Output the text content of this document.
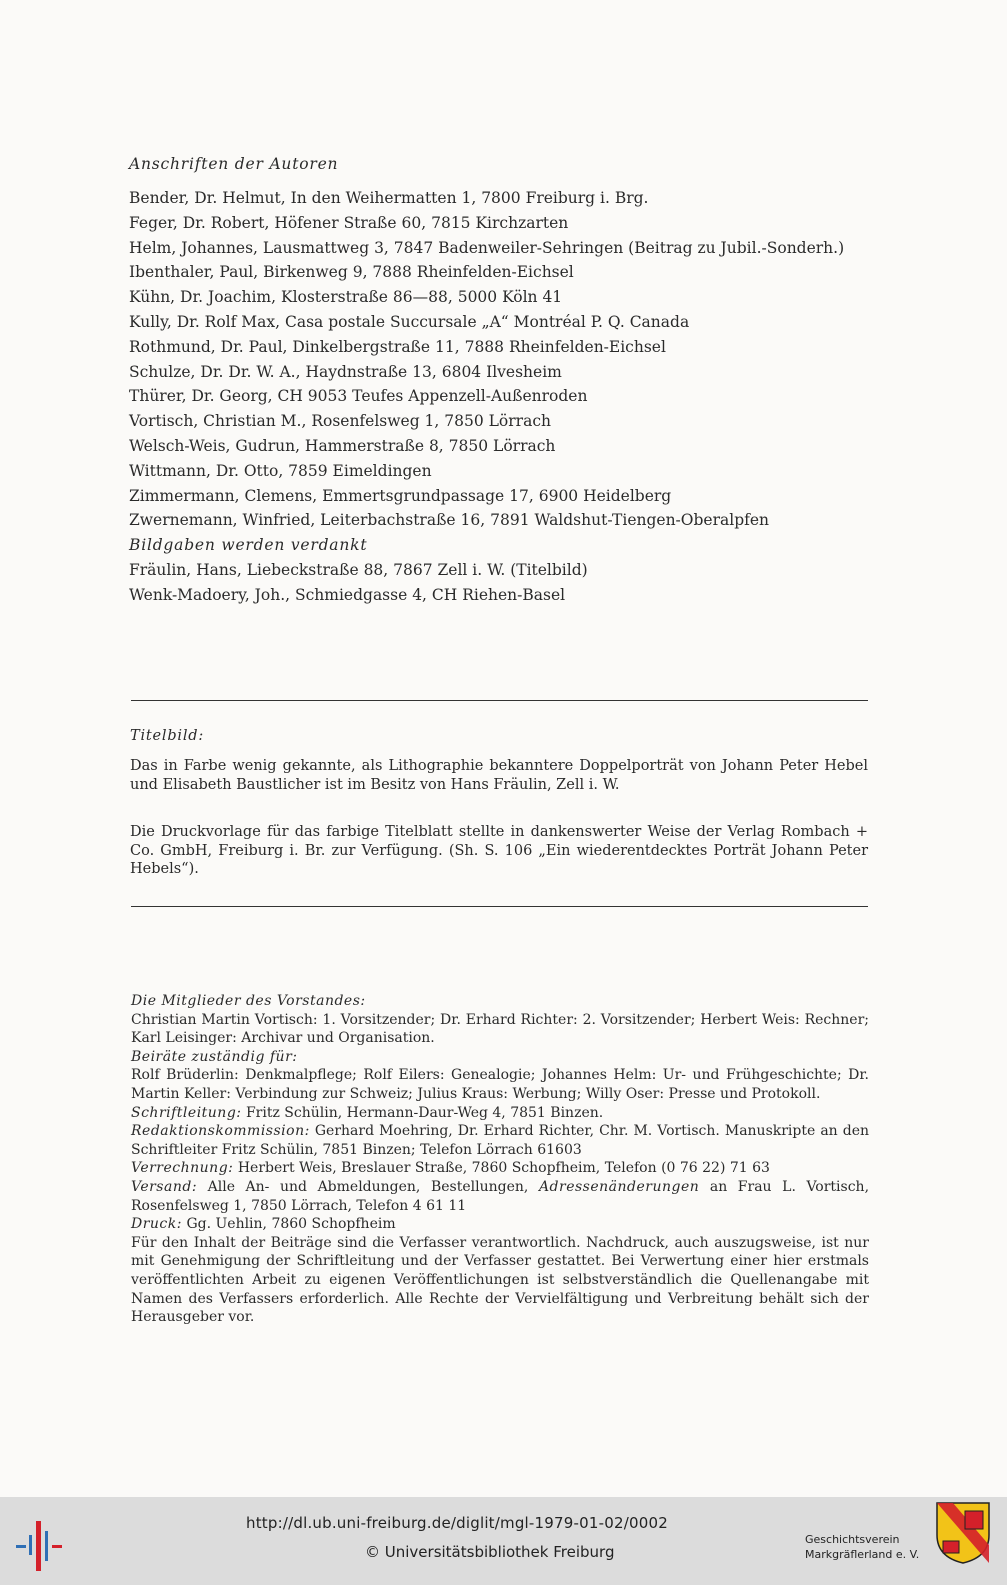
Anschriften der Autoren
Bender, Dr. Helmut, In den Weihermatten 1, 7800 Freiburg i. Brg.
Feger, Dr. Robert, Höfener Straße 60, 7815 Kirchzarten
Helm, Johannes, Lausmattweg 3, 7847 Badenweiler-Sehringen (Beitrag zu Jubil.-Sonderh.)
Ibenthaler, Paul, Birkenweg 9, 7888 Rheinfelden-Eichsel
Kühn, Dr. Joachim, Klosterstraße 86—88, 5000 Köln 41
Kully, Dr. Rolf Max, Casa postale Succursale „A“ Montréal P. Q. Canada
Rothmund, Dr. Paul, Dinkelbergstraße 11, 7888 Rheinfelden-Eichsel
Schulze, Dr. Dr. W. A., Haydnstraße 13, 6804 Ilvesheim
Thürer, Dr. Georg, CH 9053 Teufes Appenzell-Außenroden
Vortisch, Christian M., Rosenfelsweg 1, 7850 Lörrach
Welsch-Weis, Gudrun, Hammerstraße 8, 7850 Lörrach
Wittmann, Dr. Otto, 7859 Eimeldingen
Zimmermann, Clemens, Emmertsgrundpassage 17, 6900 Heidelberg
Zwernemann, Winfried, Leiterbachstraße 16, 7891 Waldshut-Tiengen-Oberalpfen
Bildgaben werden verdankt
Fräulin, Hans, Liebeckstraße 88, 7867 Zell i. W. (Titelbild)
Wenk-Madoery, Joh., Schmiedgasse 4, CH Riehen-Basel
Titelbild:
Das in Farbe wenig gekannte, als Lithographie bekanntere Doppelporträt von Johann Peter Hebel und Elisabeth Baustlicher ist im Besitz von Hans Fräulin, Zell i. W.
Die Druckvorlage für das farbige Titelblatt stellte in dankenswerter Weise der Verlag Rombach + Co. GmbH, Freiburg i. Br. zur Verfügung. (Sh. S. 106 „Ein wiederentdecktes Porträt Johann Peter Hebels“).
Die Mitglieder des Vorstandes:
Christian Martin Vortisch: 1. Vorsitzender; Dr. Erhard Richter: 2. Vorsitzender; Herbert Weis: Rechner; Karl Leisinger: Archivar und Organisation.
Beiräte zuständig für:
Rolf Brüderlin: Denkmalpflege; Rolf Eilers: Genealogie; Johannes Helm: Ur- und Frühgeschichte; Dr. Martin Keller: Verbindung zur Schweiz; Julius Kraus: Werbung; Willy Oser: Presse und Protokoll.
Schriftleitung: Fritz Schülin, Hermann-Daur-Weg 4, 7851 Binzen.
Redaktionskommission: Gerhard Moehring, Dr. Erhard Richter, Chr. M. Vortisch. Manuskripte an den Schriftleiter Fritz Schülin, 7851 Binzen; Telefon Lörrach 61603
Verrechnung: Herbert Weis, Breslauer Straße, 7860 Schopfheim, Telefon (0 76 22) 71 63
Versand: Alle An- und Abmeldungen, Bestellungen, Adressenänderungen an Frau L. Vortisch, Rosenfelsweg 1, 7850 Lörrach, Telefon 4 61 11
Druck: Gg. Uehlin, 7860 Schopfheim
Für den Inhalt der Beiträge sind die Verfasser verantwortlich. Nachdruck, auch auszugsweise, ist nur mit Genehmigung der Schriftleitung und der Verfasser gestattet. Bei Verwertung einer hier erstmals veröffentlichten Arbeit zu eigenen Veröffentlichungen ist selbstverständlich die Quellenangabe mit Namen des Verfassers erforderlich. Alle Rechte der Vervielfältigung und Verbreitung behält sich der Herausgeber vor.
http://dl.ub.uni-freiburg.de/diglit/mgl-1979-01-02/0002
© Universitätsbibliothek Freiburg
Geschichtsverein
Markgräflerland e. V.
